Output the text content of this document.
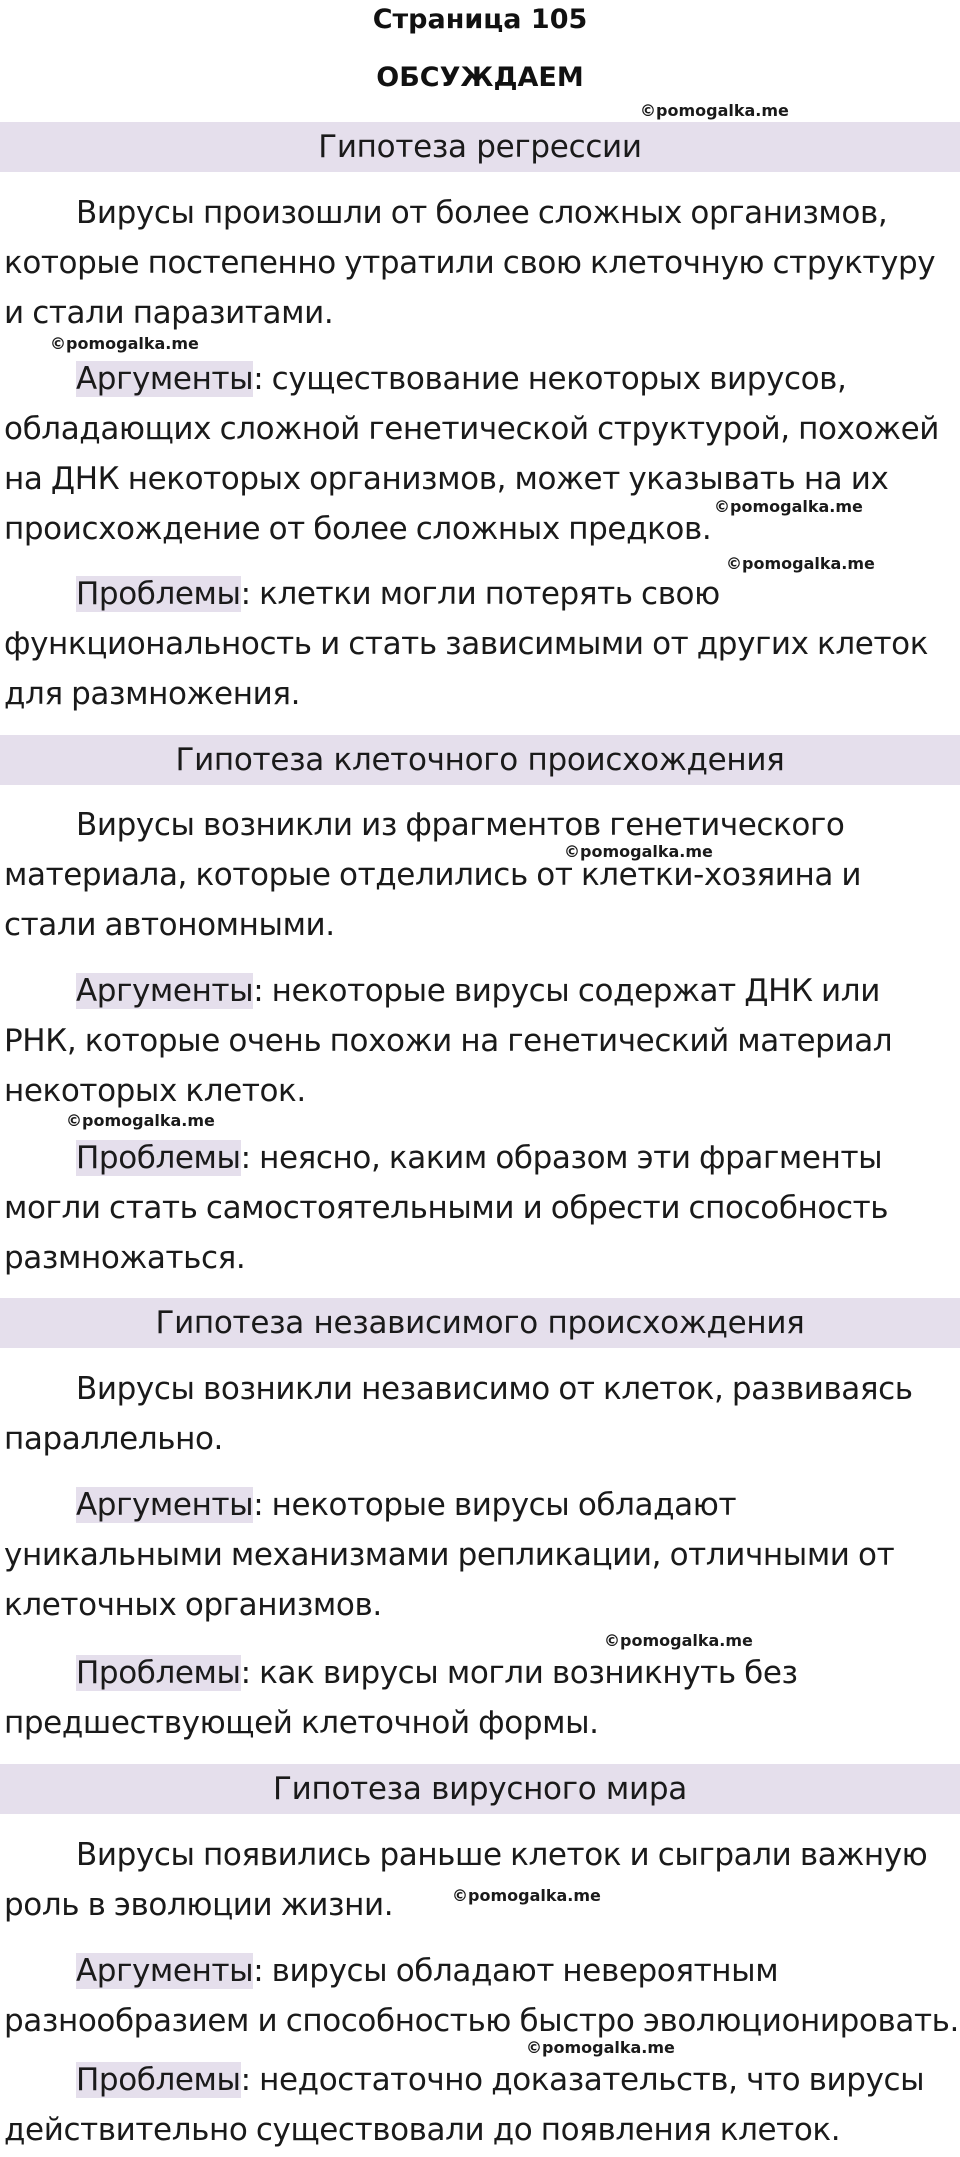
Страница 105
ОБСУЖДАЕМ
©pomogalka.me
©pomogalka.me
©pomogalka.me
©pomogalka.me
©pomogalka.me
©pomogalka.me
©pomogalka.me
©pomogalka.me
©pomogalka.me
Гипотеза регрессии

Вирусы произошли от более сложных организмов, которые постепенно утратили свою клеточную структуру и стали паразитами.

Аргументы: существование некоторых вирусов, обладающих сложной генетической структурой, похожей на ДНК некоторых организмов, может указывать на их происхождение от более сложных предков.

Проблемы: клетки могли потерять свою функциональность и стать зависимыми от других клеток для размножения.

Гипотеза клеточного происхождения

Вирусы возникли из фрагментов генетического материала, которые отделились от клетки-хозяина и стали автономными.

Аргументы: некоторые вирусы содержат ДНК или РНК, которые очень похожи на генетический материал некоторых клеток.

Проблемы: неясно, каким образом эти фрагменты могли стать самостоятельными и обрести способность размножаться.

Гипотеза независимого происхождения

Вирусы возникли независимо от клеток, развиваясь параллельно.

Аргументы: некоторые вирусы обладают уникальными механизмами репликации, отличными от клеточных организмов.

Проблемы: как вирусы могли возникнуть без предшествующей клеточной формы.

Гипотеза вирусного мира

Вирусы появились раньше клеток и сыграли важную роль в эволюции жизни.

Аргументы: вирусы обладают невероятным разнообразием и способностью быстро эволюционировать.

Проблемы: недостаточно доказательств, что вирусы действительно существовали до появления клеток.
